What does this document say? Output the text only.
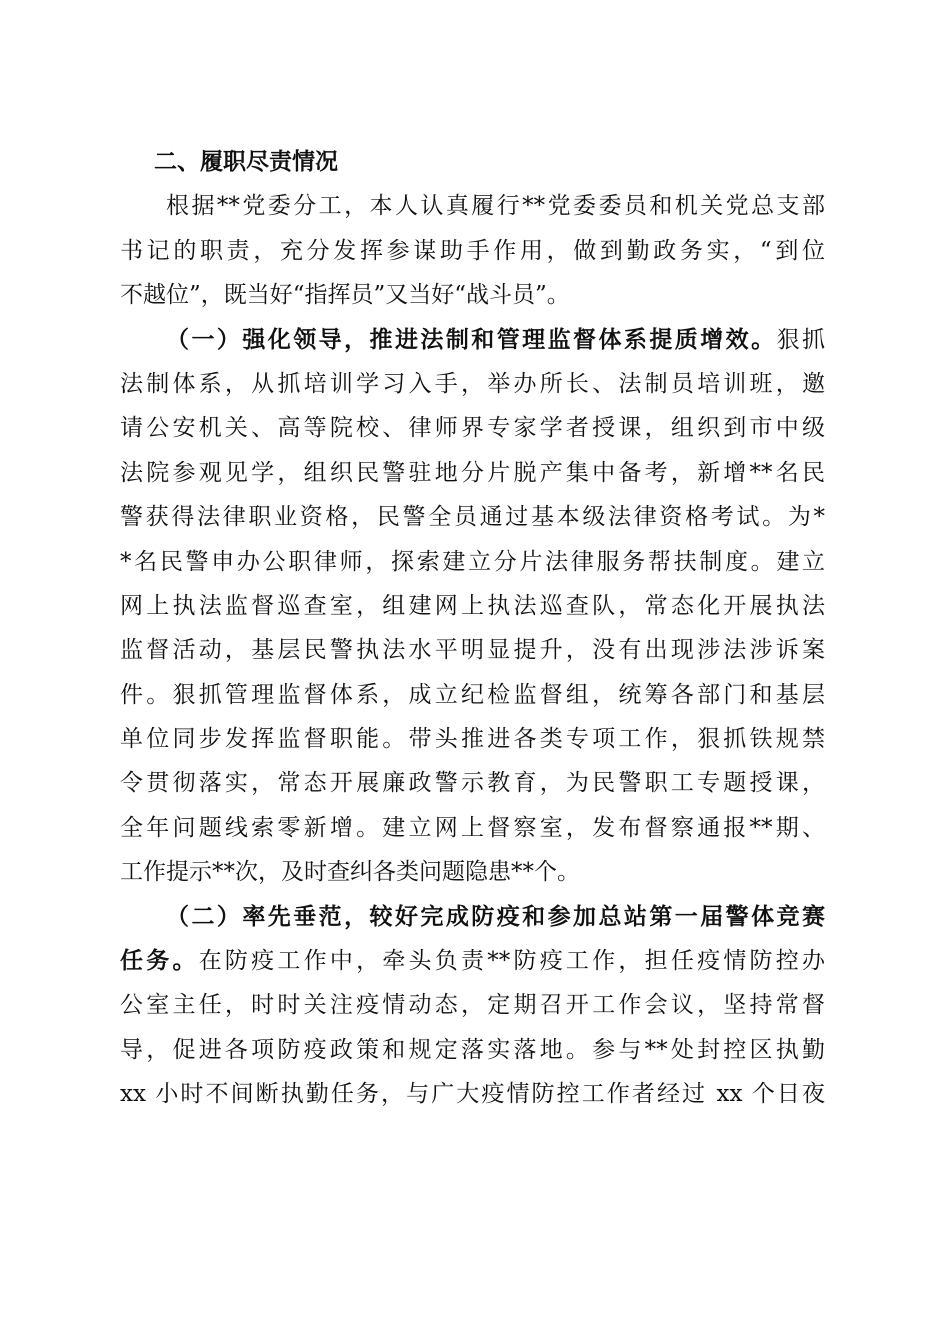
二、履职尽责情况
根据**党委分工，本人认真履行**党委委员和机关党总支部
书记的职责，充分发挥参谋助手作用，做到勤政务实，“到位
不越位”，既当好“指挥员”又当好“战斗员”。
（一）强化领导，推进法制和管理监督体系提质增效。狠抓
法制体系，从抓培训学习入手，举办所长、法制员培训班，邀
请公安机关、高等院校、律师界专家学者授课，组织到市中级
法院参观见学，组织民警驻地分片脱产集中备考，新增**名民
警获得法律职业资格，民警全员通过基本级法律资格考试。为*
*名民警申办公职律师，探索建立分片法律服务帮扶制度。建立
网上执法监督巡查室，组建网上执法巡查队，常态化开展执法
监督活动，基层民警执法水平明显提升，没有出现涉法涉诉案
件。狠抓管理监督体系，成立纪检监督组，统筹各部门和基层
单位同步发挥监督职能。带头推进各类专项工作，狠抓铁规禁
令贯彻落实，常态开展廉政警示教育，为民警职工专题授课，
全年问题线索零新增。建立网上督察室，发布督察通报**期、
工作提示**次，及时查纠各类问题隐患**个。
（二）率先垂范，较好完成防疫和参加总站第一届警体竞赛
任务。在防疫工作中，牵头负责**防疫工作，担任疫情防控办
公室主任，时时关注疫情动态，定期召开工作会议，坚持常督
导，促进各项防疫政策和规定落实落地。参与**处封控区执勤
xx 小时不间断执勤任务，与广大疫情防控工作者经过 xx 个日夜
